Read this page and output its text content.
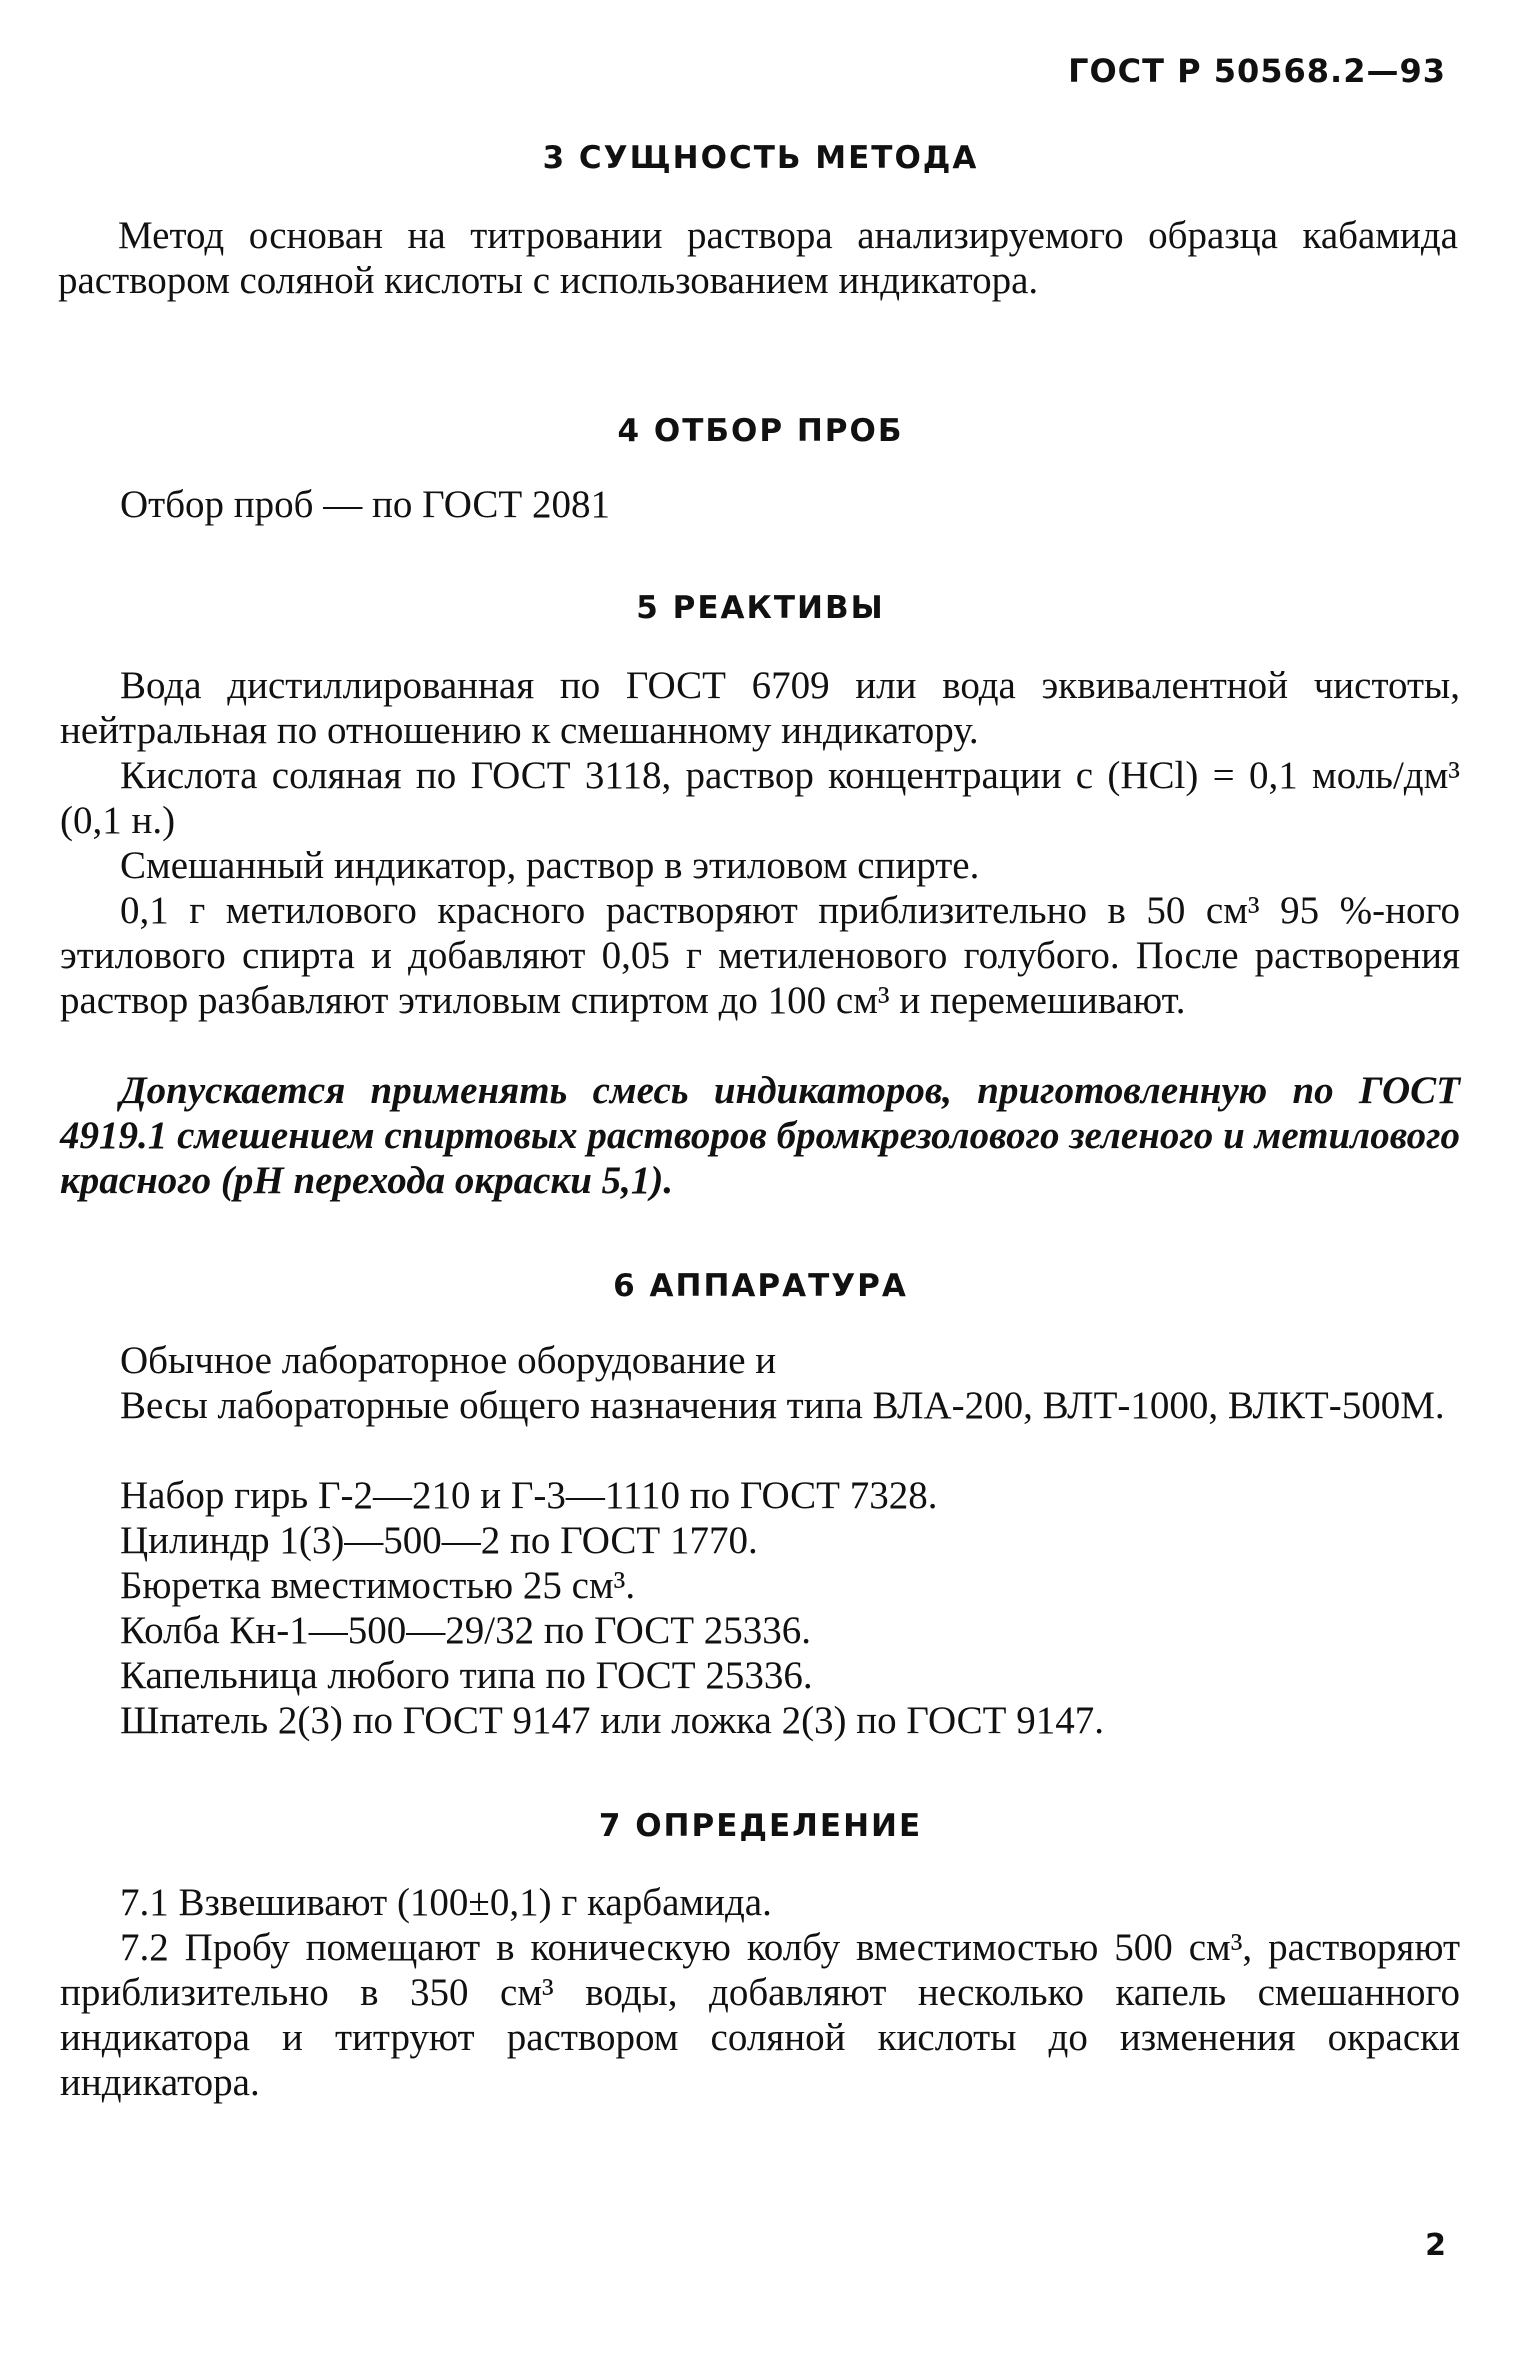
ГОСТ Р 50568.2—93
3 СУЩНОСТЬ МЕТОДА
Метод основан на титровании раствора анализируемого образца кабамида раствором соляной кислоты с использованием индикатора.
4 ОТБОР ПРОБ
Отбор проб — по ГОСТ 2081
5 РЕАКТИВЫ
Вода дистиллированная по ГОСТ 6709 или вода эквивалентной чистоты, нейтральная по отношению к смешанному индикатору.
Кислота соляная по ГОСТ 3118, раствор концентрации c (HCl) = 0,1 моль/дм³ (0,1 н.)
Смешанный индикатор, раствор в этиловом спирте.
0,1 г метилового красного растворяют приблизительно в 50 см³ 95 %-ного этилового спирта и добавляют 0,05 г метиленового голубого. После растворения раствор разбавляют этиловым спиртом до 100 см³ и перемешивают.
Допускается применять смесь индикаторов, приготовленную по ГОСТ 4919.1 смешением спиртовых растворов бромкрезолового зеленого и метилового красного (рН перехода окраски 5,1).
6 АППАРАТУРА
Обычное лабораторное оборудование и
Весы лабораторные общего назначения типа ВЛА-200, ВЛТ-1000, ВЛКТ-500М.
Набор гирь Г-2—210 и Г-3—1110 по ГОСТ 7328.
Цилиндр 1(3)—500—2 по ГОСТ 1770.
Бюретка вместимостью 25 см³.
Колба Кн-1—500—29/32 по ГОСТ 25336.
Капельница любого типа по ГОСТ 25336.
Шпатель 2(3) по ГОСТ 9147 или ложка 2(3) по ГОСТ 9147.
7 ОПРЕДЕЛЕНИЕ
7.1 Взвешивают (100±0,1) г карбамида.
7.2 Пробу помещают в коническую колбу вместимостью 500 см³, растворяют приблизительно в 350 см³ воды, добавляют несколько капель смешанного индикатора и титруют раствором соляной кислоты до изменения окраски индикатора.
2
